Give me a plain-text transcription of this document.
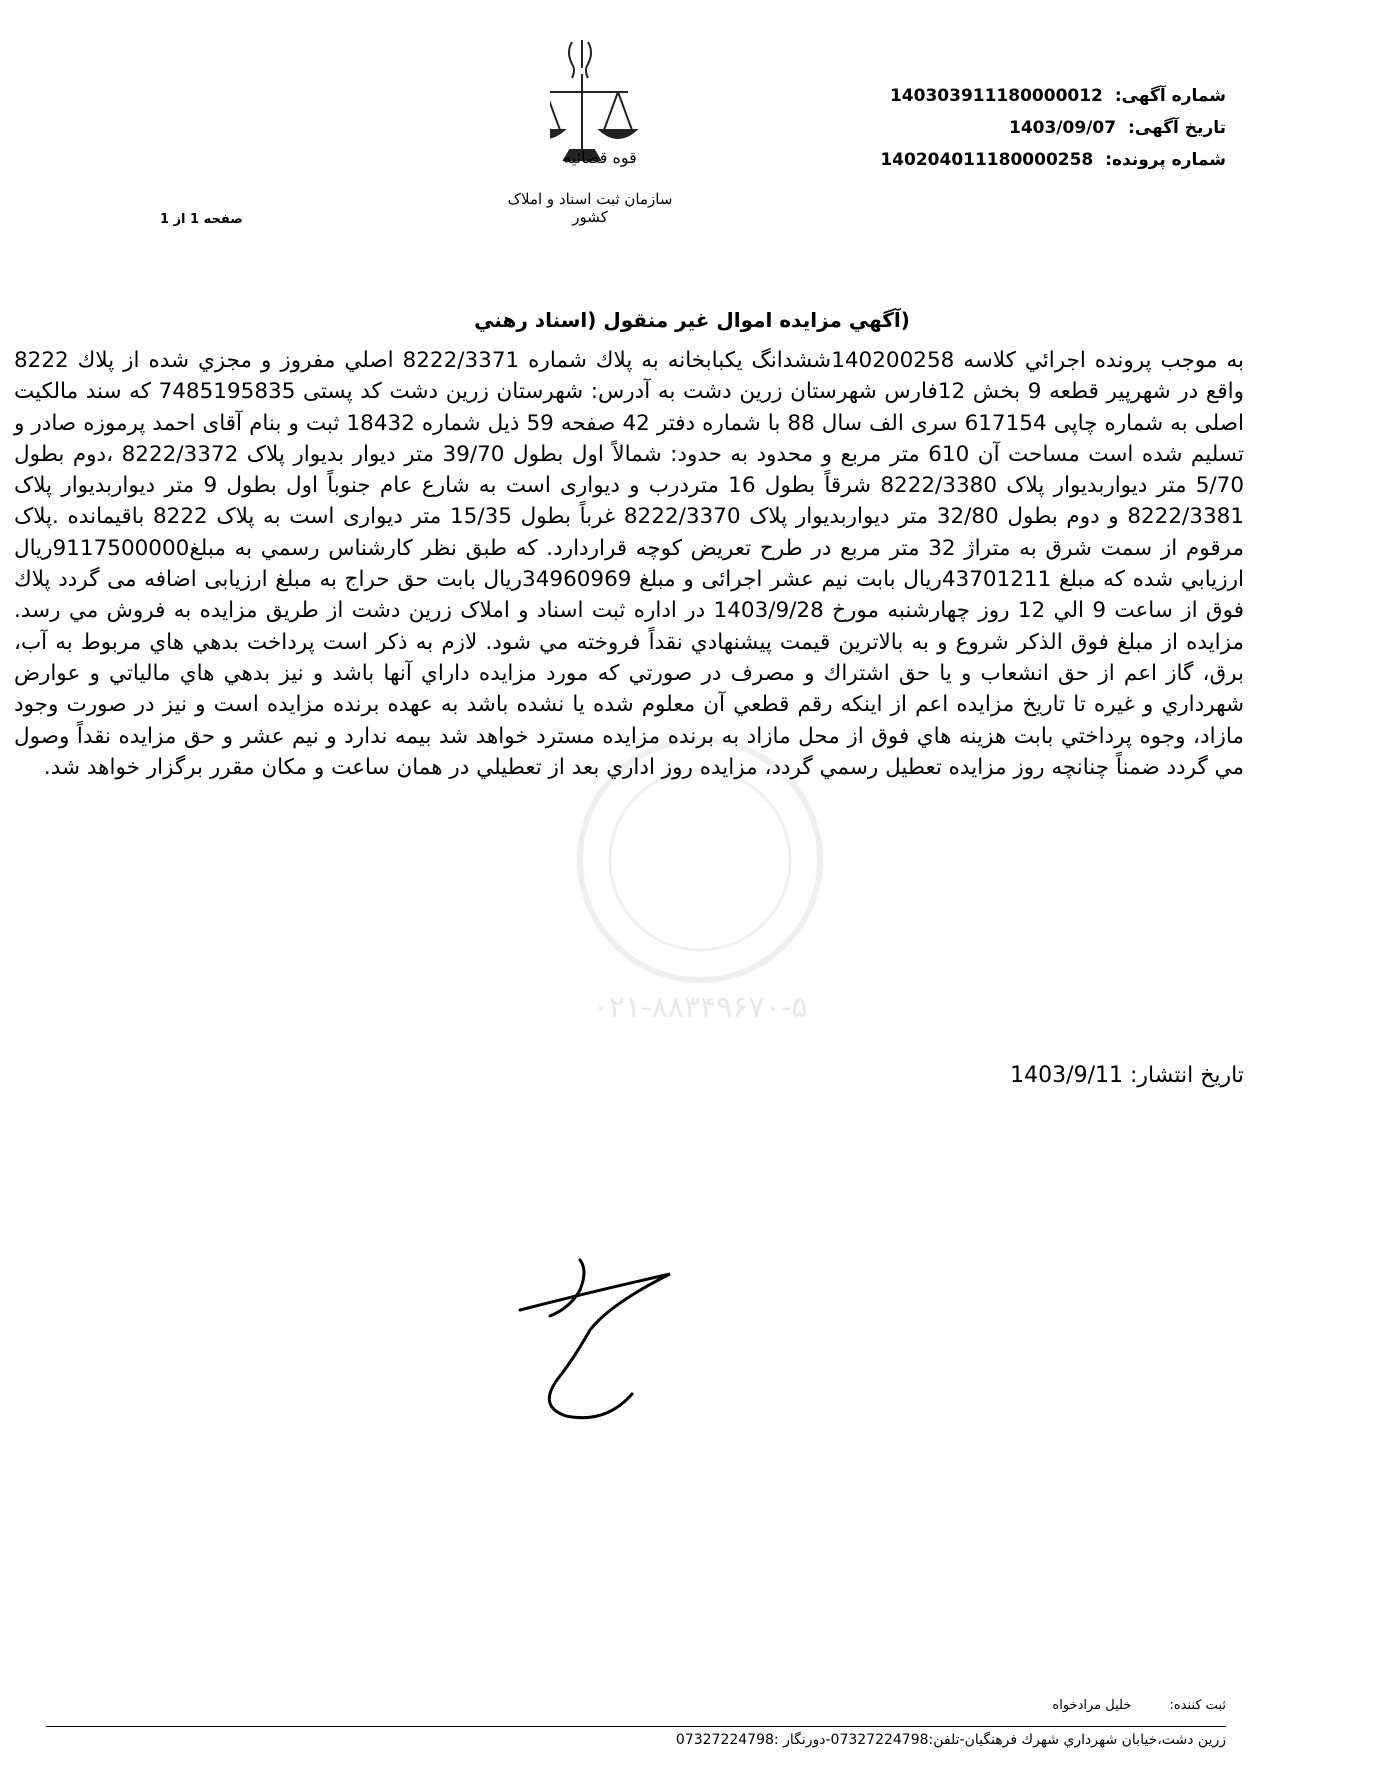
قوه قضائیه
سازمان ثبت اسناد و املاک کشور
شماره آگهی: 140303911180000012
تاریخ آگهی: 1403/09/07
شماره پرونده: 140204011180000258
صفحه 1 از 1
(آگهي مزايده اموال غير منقول (اسناد رهني
۰۲۱-۸۸۳۴۹۶۷۰-۵
به موجب پرونده اجرائي كلاسه 140200258ششدانگ یکبابخانه به پلاك شماره 8222/3371 اصلي مفروز و مجزي شده از پلاك 8222 واقع در شهرپير قطعه 9 بخش 12فارس شهرستان زرين دشت به آدرس: شهرستان زرین دشت کد پستی 7485195835 که سند مالکیت اصلی به شماره چاپی 617154 سری الف سال 88 با شماره دفتر 42 صفحه 59 ذیل شماره 18432 ثبت و بنام آقای احمد پرموزه صادر و تسلیم شده است مساحت آن 610 متر مربع و محدود به حدود: شمالاً اول بطول 39/70 متر دیوار بدیوار پلاک 8222/3372 ،دوم بطول 5/70 متر دیواربدیوار پلاک 8222/3380 شرقاً بطول 16 متردرب و دیواری است به شارع عام جنوباً اول بطول 9 متر دیواربدیوار پلاک 8222/3381 و دوم بطول 32/80 متر دیواربدیوار پلاک 8222/3370 غرباً بطول 15/35 متر دیواری است به پلاک 8222 باقیمانده .پلاک مرقوم از سمت شرق به متراژ 32 متر مربع در طرح تعریض كوچه قراردارد. كه طبق نظر كارشناس رسمي به مبلغ9117500000ريال ارزيابي شده كه مبلغ 43701211ریال بابت نیم عشر اجرائی و مبلغ 34960969ریال بابت حق حراج به مبلغ ارزیابی اضافه می گردد پلاك فوق از ساعت 9 الي 12 روز چهارشنبه مورخ 1403/9/28 در اداره ثبت اسناد و املاک زرین دشت از طريق مزايده به فروش مي رسد. مزايده از مبلغ فوق الذكر شروع و به بالاترين قيمت پيشنهادي نقداً فروخته مي شود. لازم به ذكر است پرداخت بدهي هاي مربوط به آب، برق، گاز اعم از حق انشعاب و يا حق اشتراك و مصرف در صورتي كه مورد مزايده داراي آنها باشد و نيز بدهي هاي مالياتي و عوارض شهرداري و غيره تا تاريخ مزايده اعم از اينكه رقم قطعي آن معلوم شده يا نشده باشد به عهده برنده مزايده است و نيز در صورت وجود مازاد، وجوه پرداختي بابت هزينه هاي فوق از محل مازاد به برنده مزايده مسترد خواهد شد بيمه ندارد و نيم عشر و حق مزايده نقداً وصول مي گردد ضمناً چنانچه روز مزايده تعطيل رسمي گردد، مزايده روز اداري بعد از تعطيلي در همان ساعت و مكان مقرر برگزار خواهد شد.
تاریخ انتشار: 1403/9/11
ثبت كننده: خليل مرادخواه
زرين دشت،خيابان شهرداري شهرك فرهنگيان-تلفن:07327224798-دورنگار :07327224798
